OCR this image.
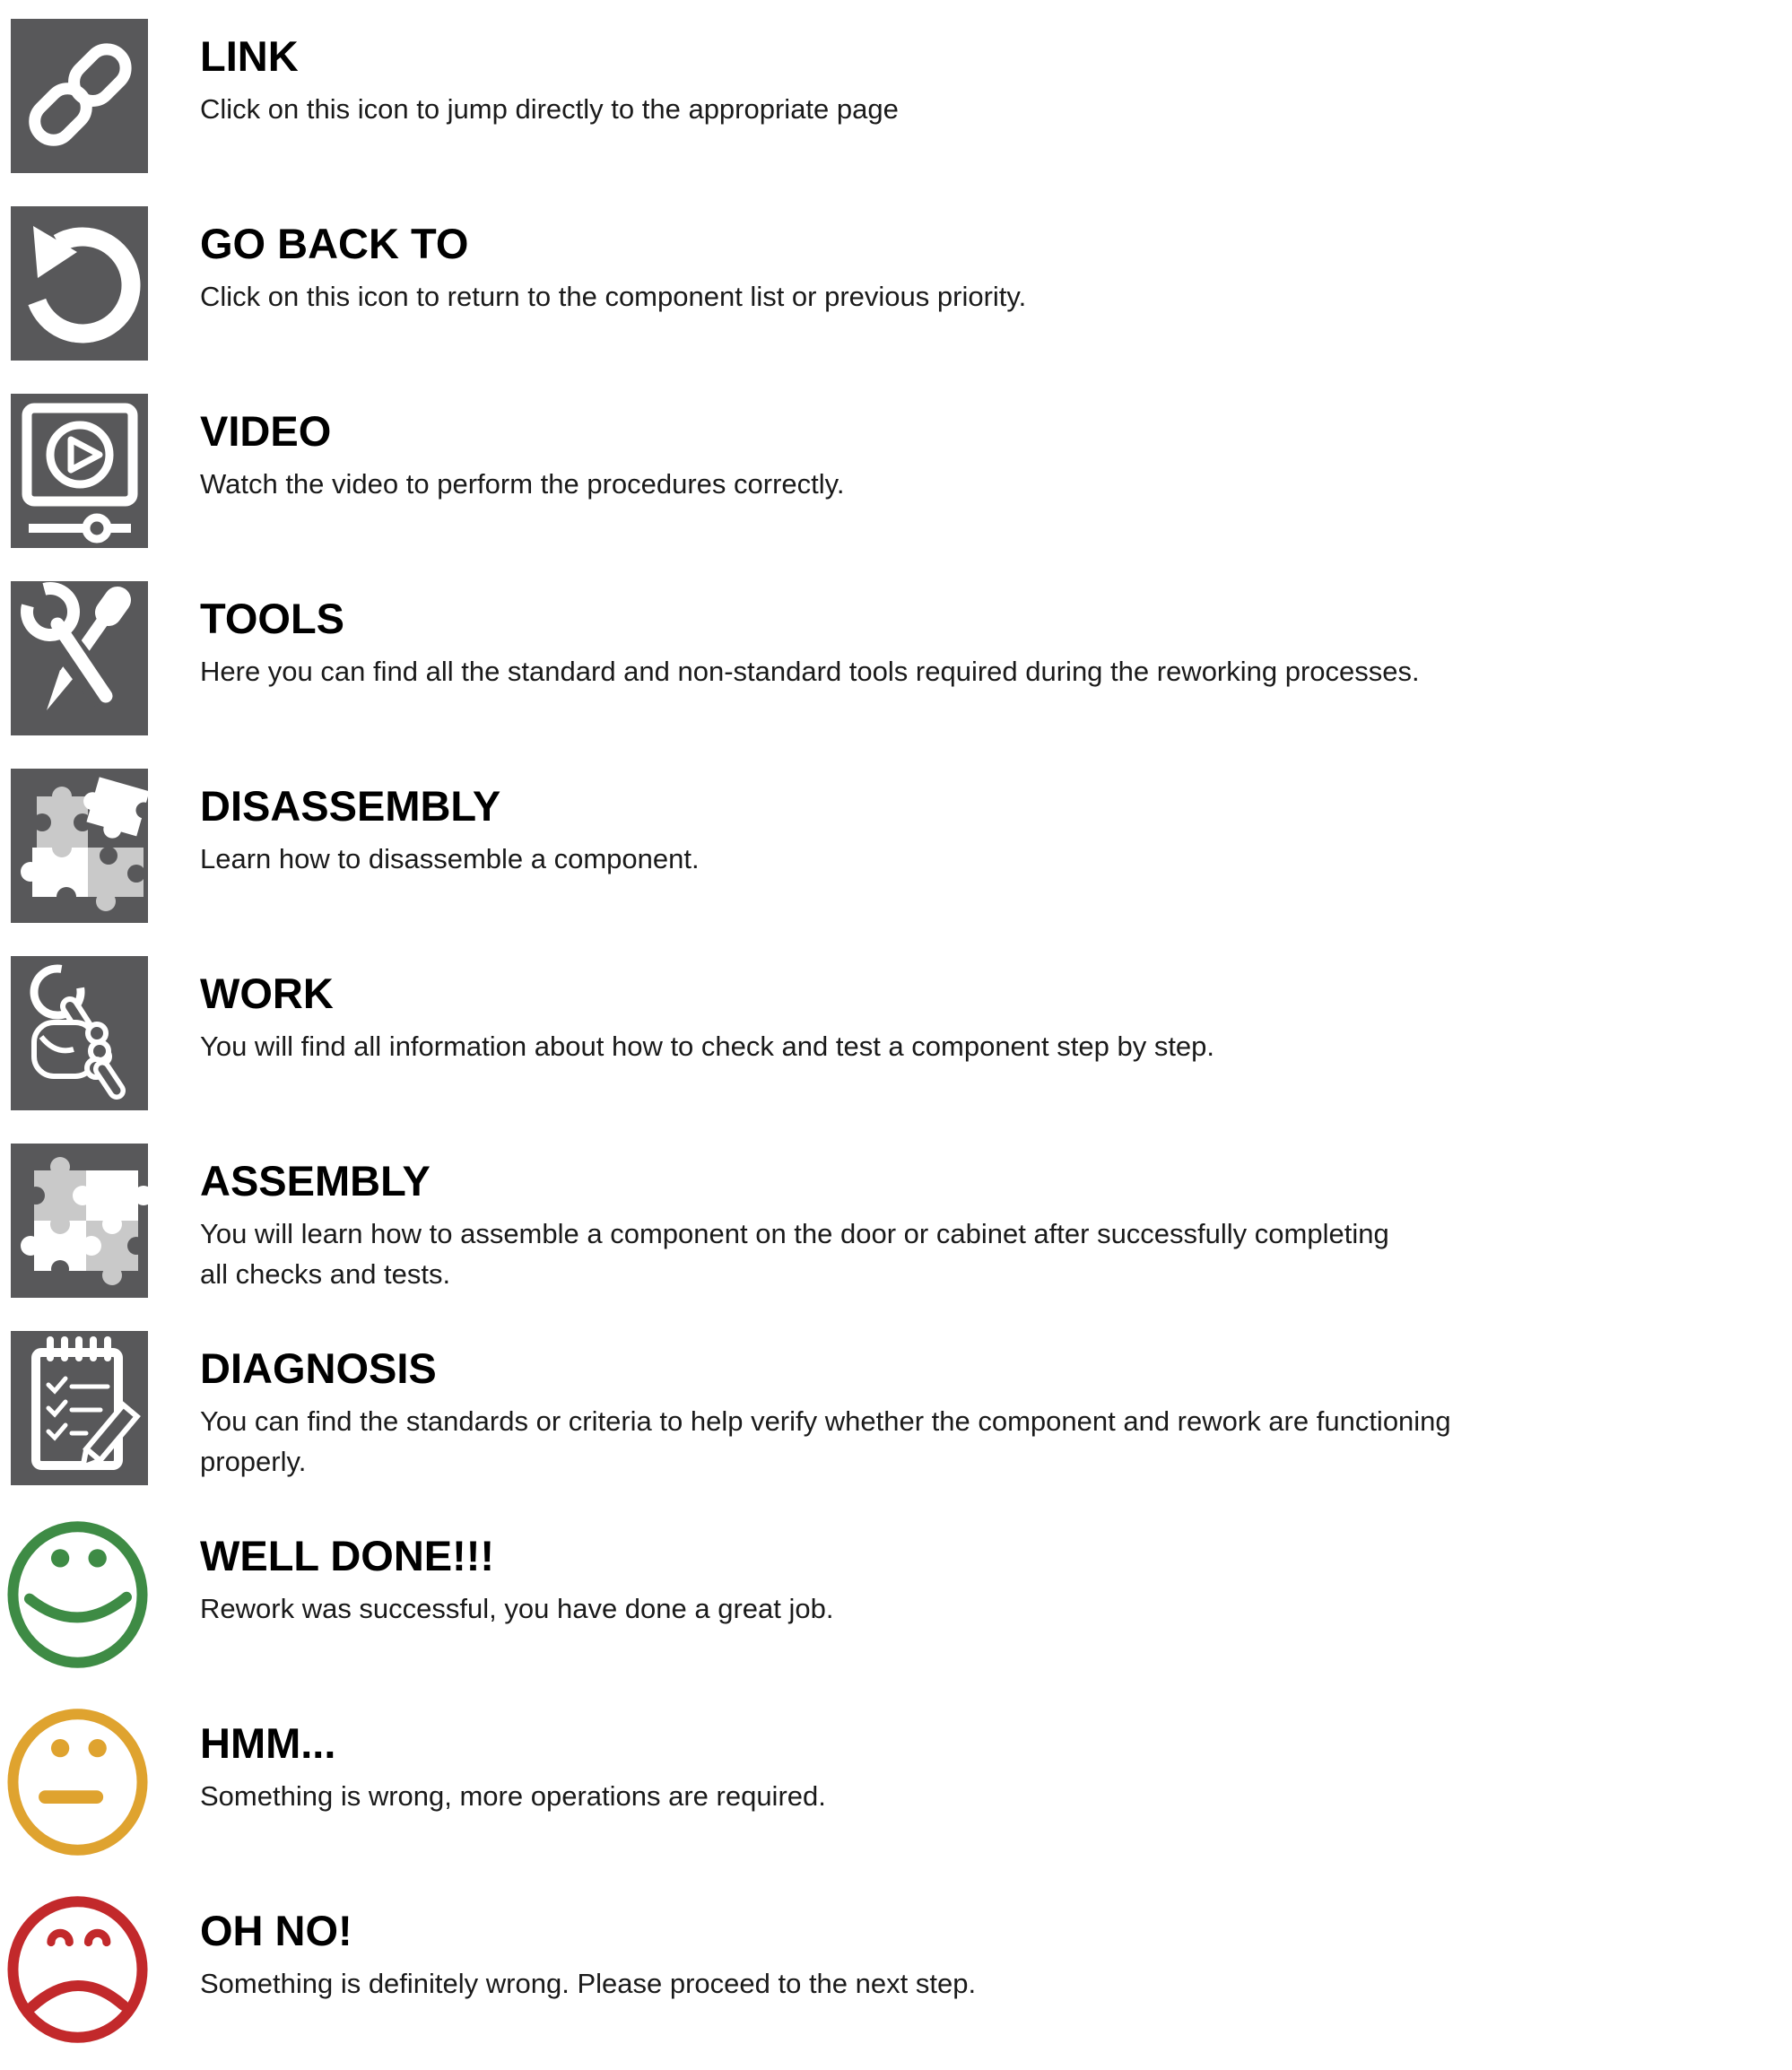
LINK
Click on this icon to jump directly to the appropriate page
GO BACK TO
Click on this icon to return to the component list or previous priority.
VIDEO
Watch the video to perform the procedures correctly.
TOOLS
Here you can find all the standard and non-standard tools required during the reworking processes.
DISASSEMBLY
Learn how to disassemble a component.
WORK
You will find all information about how to check and test a component step by step.
ASSEMBLY
You will learn how to assemble a component on the door or cabinet after successfully completing
all checks and tests.
DIAGNOSIS
You can find the standards or criteria to help verify whether the component and rework are functioning
properly.
WELL DONE!!!
Rework was successful, you have done a great job.
HMM...
Something is wrong, more operations are required.
OH NO!
Something is definitely wrong. Please proceed to the next step.
